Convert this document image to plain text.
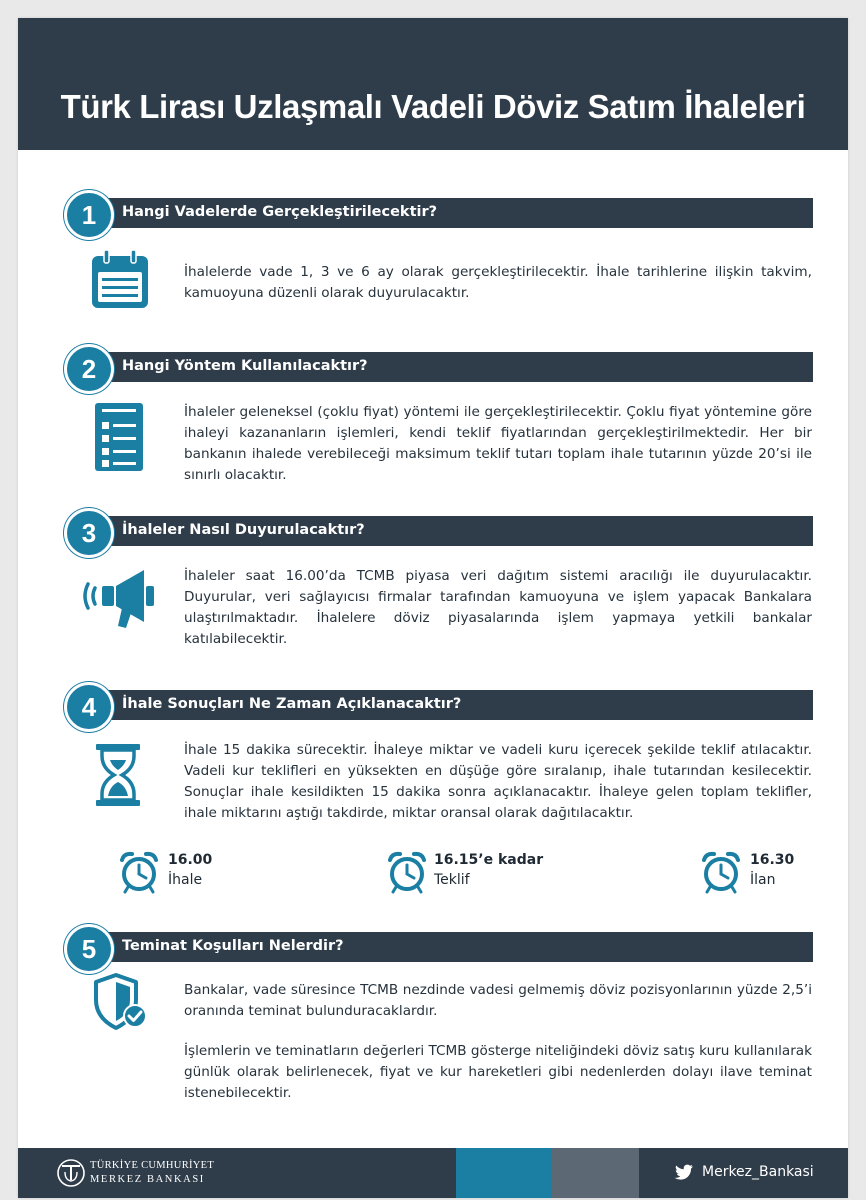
Türk Lirası Uzlaşmalı Vadeli Döviz Satım İhaleleri
Hangi Vadelerde Gerçekleştirilecektir?
1

İhalelerde vade 1, 3 ve 6 ay olarak gerçekleştirilecektir. İhale tarihlerine ilişkin takvim, kamuoyuna düzenli olarak duyurulacaktır.

Hangi Yöntem Kullanılacaktır?
2

İhaleler geleneksel (çoklu fiyat) yöntemi ile gerçekleştirilecektir. Çoklu fiyat yöntemine göre ihaleyi kazananların işlemleri, kendi teklif fiyatlarından gerçekleştirilmektedir. Her bir bankanın ihalede verebileceği maksimum teklif tutarı toplam ihale tutarının yüzde 20’si ile sınırlı olacaktır.

İhaleler Nasıl Duyurulacaktır?
3

İhaleler saat 16.00’da TCMB piyasa veri dağıtım sistemi aracılığı ile duyurulacaktır. Duyurular, veri sağlayıcısı firmalar tarafından kamuoyuna ve işlem yapacak Bankalara ulaştırılmaktadır. İhalelere döviz piyasalarında işlem yapmaya yetkili bankalar katılabilecektir.

İhale Sonuçları Ne Zaman Açıklanacaktır?
4

İhale 15 dakika sürecektir. İhaleye miktar ve vadeli kuru içerecek şekilde teklif atılacaktır. Vadeli kur teklifleri en yüksekten en düşüğe göre sıralanıp, ihale tutarından kesilecektir. Sonuçlar ihale kesildikten 15 dakika sonra açıklanacaktır. İhaleye gelen toplam teklifler, ihale miktarını aştığı takdirde, miktar oransal olarak dağıtılacaktır.

16.00
İhale
16.15’e kadar
Teklif
16.30
İlan
Teminat Koşulları Nelerdir?
5

Bankalar, vade süresince TCMB nezdinde vadesi gelmemiş döviz pozisyonlarının yüzde 2,5’i oranında teminat bulunduracaklardır.

İşlemlerin ve teminatların değerleri TCMB gösterge niteliğindeki döviz satış kuru kullanılarak günlük olarak belirlenecek, fiyat ve kur hareketleri gibi nedenlerden dolayı ilave teminat istenebilecektir.

TÜRKİYE CUMHURİYET
MERKEZ BANKASI	Merkez_Bankasi
